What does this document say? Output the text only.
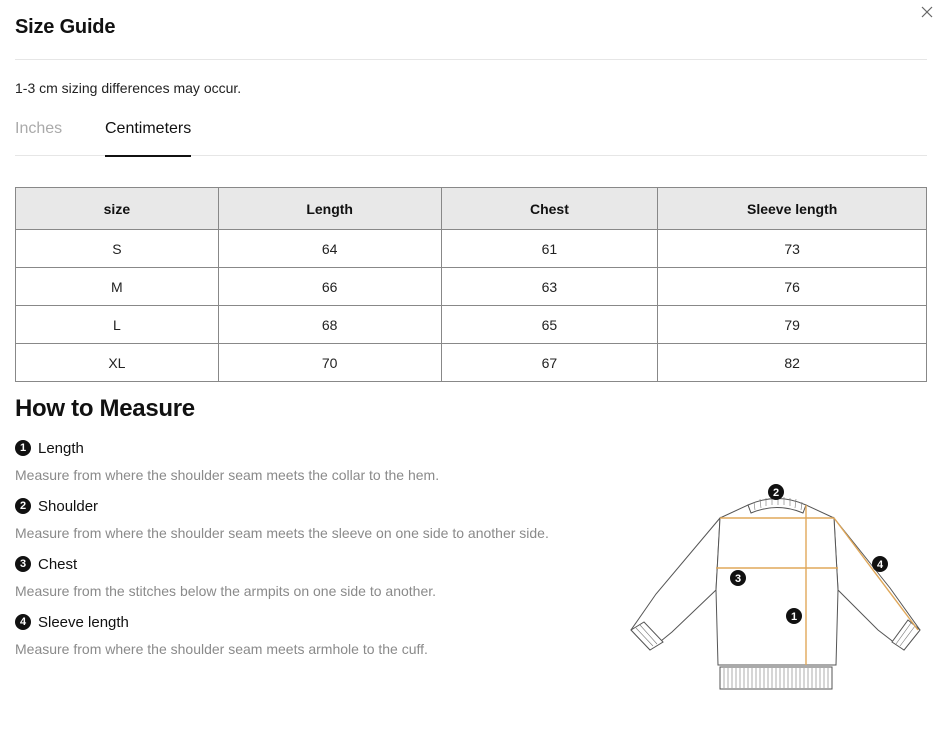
Size Guide
1-3 cm sizing differences may occur.
Inches	Centimeters
size	Length	Chest	Sleeve length
S	64	61	73
M	66	63	76
L	68	65	79
XL	70	67	82
How to Measure
1 Length
Measure from where the shoulder seam meets the collar to the hem.
2 Shoulder
Measure from where the shoulder seam meets the sleeve on one side to another side.
3 Chest
Measure from the stitches below the armpits on one side to another.
4 Sleeve length
Measure from where the shoulder seam meets armhole to the cuff.
2
3
1
4
